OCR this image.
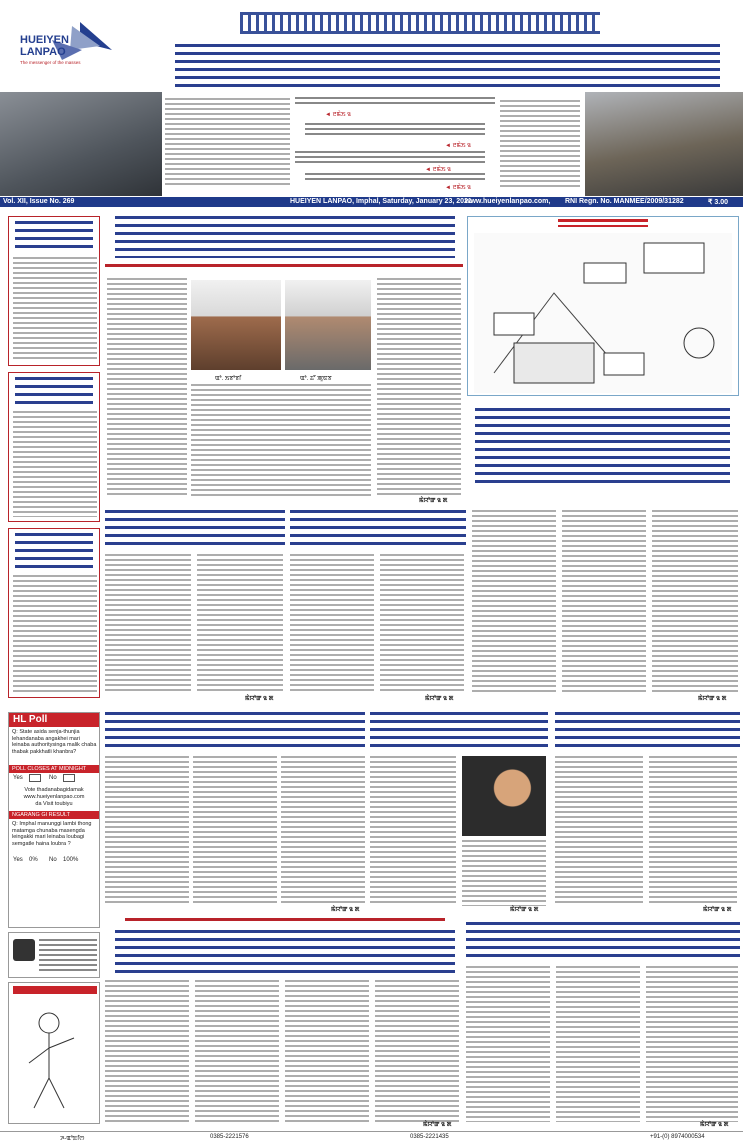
HUEIYEN LANPAO
The messenger of the masses
◄ ꯂꯃꯥꯏ ꯲
◄ ꯂꯃꯥꯏ ꯲
◄ ꯂꯃꯥꯏ ꯲
◄ ꯂꯃꯥꯏ ꯲
Vol. XII, Issue No. 269	HUEIYEN LANPAO, Imphal, Saturday, January 23, 2021
www.hueiyenlanpao.com, RNI Regn. No. MANMEE/2009/31282	₹ 3.00
HL Poll
Q: State asida senja-thunjia lehandanaba angakhei mari leinaba authoritysinga malik chaba thabak pakkhatli khanbra?
POLL CLOSES AT MIDNIGHT
Yes	No
Vote thadanabagidamak
www.hueiyenlanpao.com
da Visit toubiyu
NGARANG GI RESULT
Q: Imphal manunggi lambi thong matamga chunaba masengda leingakki mari leinaba loubagi semgatle haina loubra ?
Yes 0% No 100%
ꯑꯣ. ꯏꯕꯣꯕꯤ	ꯑꯣ. ꯊꯧ ꯄꯨꯟꯕ
ꯃꯥꯌꯣꯛ ꯲ ꯗ
ꯃꯥꯌꯣꯛ ꯲ ꯗ	ꯃꯥꯌꯣꯛ ꯲ ꯗ	ꯃꯥꯌꯣꯛ ꯲ ꯗ
ꯃꯥꯌꯣꯛ ꯲ ꯗ	ꯃꯥꯌꯣꯛ ꯲ ꯗ	ꯃꯥꯌꯣꯛ ꯲ ꯗ
ꯃꯥꯌꯣꯛ ꯲ ꯗ	ꯃꯥꯌꯣꯛ ꯲ ꯗ
ꯍ-ꯑꯣꯐꯤꯁ	0385-2221576	0385-2221435	+91-(0) 8974000534
